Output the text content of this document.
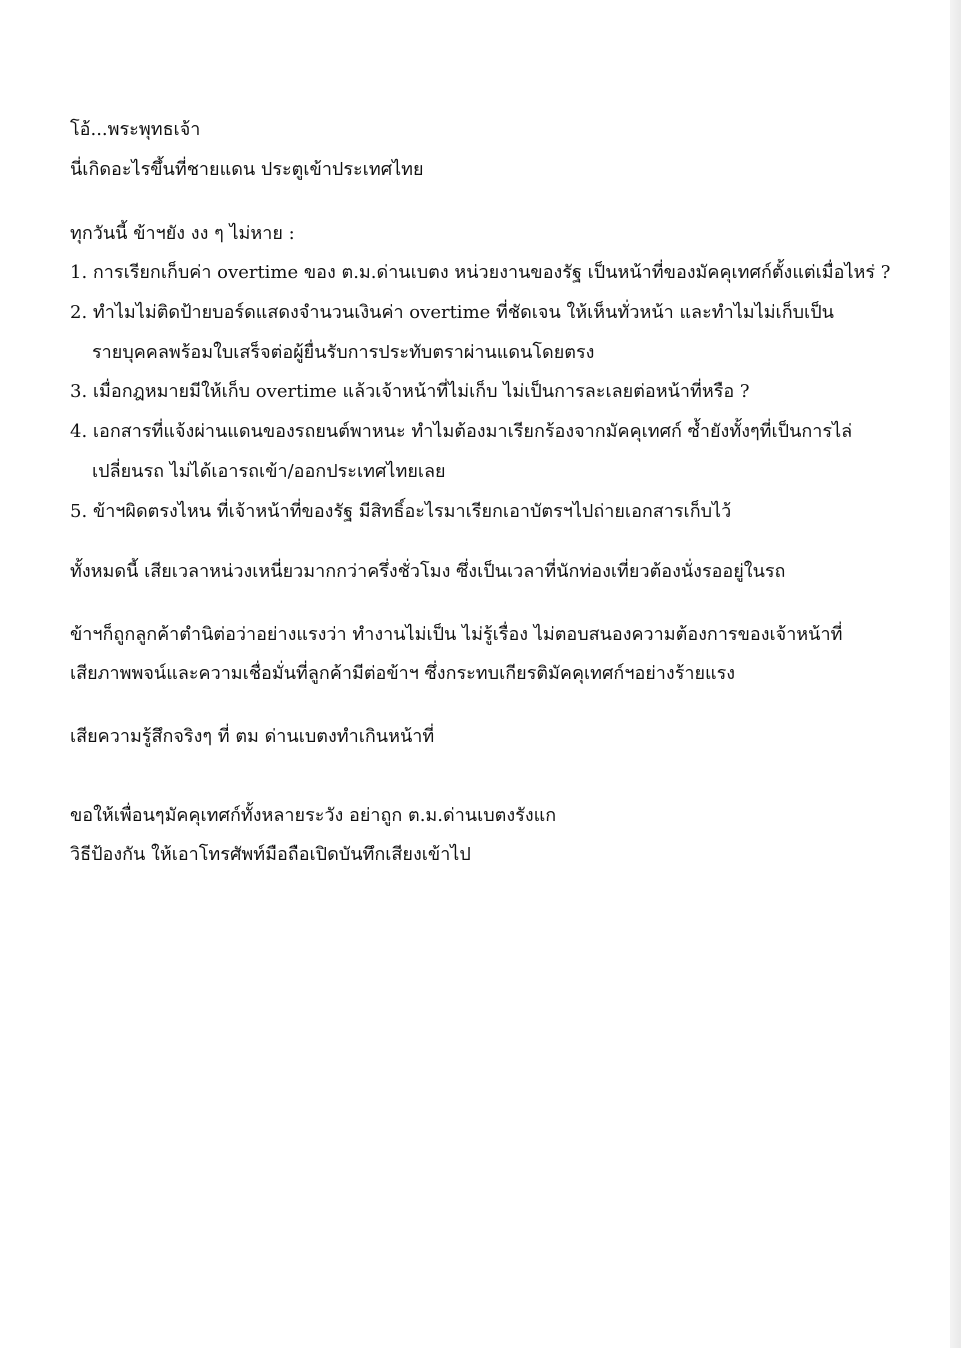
โอ้...พระพุทธเจ้า
นี่เกิดอะไรขึ้นที่ชายแดน ประตูเข้าประเทศไทย
ทุกวันนี้ ข้าฯยัง งง ๆ ไม่หาย :
1. การเรียกเก็บค่า overtime ของ ต.ม.ด่านเบตง หน่วยงานของรัฐ เป็นหน้าที่ของมัคคุเทศก์ตั้งแต่เมื่อไหร่ ?
2. ทำไมไม่ติดป้ายบอร์ดแสดงจำนวนเงินค่า overtime ที่ชัดเจน ให้เห็นทั่วหน้า และทำไมไม่เก็บเป็น
รายบุคคลพร้อมใบเสร็จต่อผู้ยื่นรับการประทับตราผ่านแดนโดยตรง
3. เมื่อกฎหมายมีให้เก็บ overtime แล้วเจ้าหน้าที่ไม่เก็บ ไม่เป็นการละเลยต่อหน้าที่หรือ ?
4. เอกสารที่แจ้งผ่านแดนของรถยนต์พาหนะ ทำไมต้องมาเรียกร้องจากมัคคุเทศก์ ซ้ำยังทั้งๆที่เป็นการไล่
เปลี่ยนรถ ไม่ได้เอารถเข้า/ออกประเทศไทยเลย
5. ข้าฯผิดตรงไหน ที่เจ้าหน้าที่ของรัฐ มีสิทธิ์อะไรมาเรียกเอาบัตรฯไปถ่ายเอกสารเก็บไว้
ทั้งหมดนี้ เสียเวลาหน่วงเหนี่ยวมากกว่าครึ่งชั่วโมง ซึ่งเป็นเวลาที่นักท่องเที่ยวต้องนั่งรออยู่ในรถ
ข้าฯก็ถูกลูกค้าตำนิต่อว่าอย่างแรงว่า ทำงานไม่เป็น ไม่รู้เรื่อง ไม่ตอบสนองความต้องการของเจ้าหน้าที่
เสียภาพพจน์และความเชื่อมั่นที่ลูกค้ามีต่อข้าฯ ซึ่งกระทบเกียรติมัคคุเทศก์ฯอย่างร้ายแรง
เสียความรู้สึกจริงๆ ที่ ตม ด่านเบตงทำเกินหน้าที่
ขอให้เพื่อนๆมัคคุเทศก์ทั้งหลายระวัง อย่าถูก ต.ม.ด่านเบตงรังแก
วิธีป้องกัน ให้เอาโทรศัพท์มือถือเปิดบันทึกเสียงเข้าไป
